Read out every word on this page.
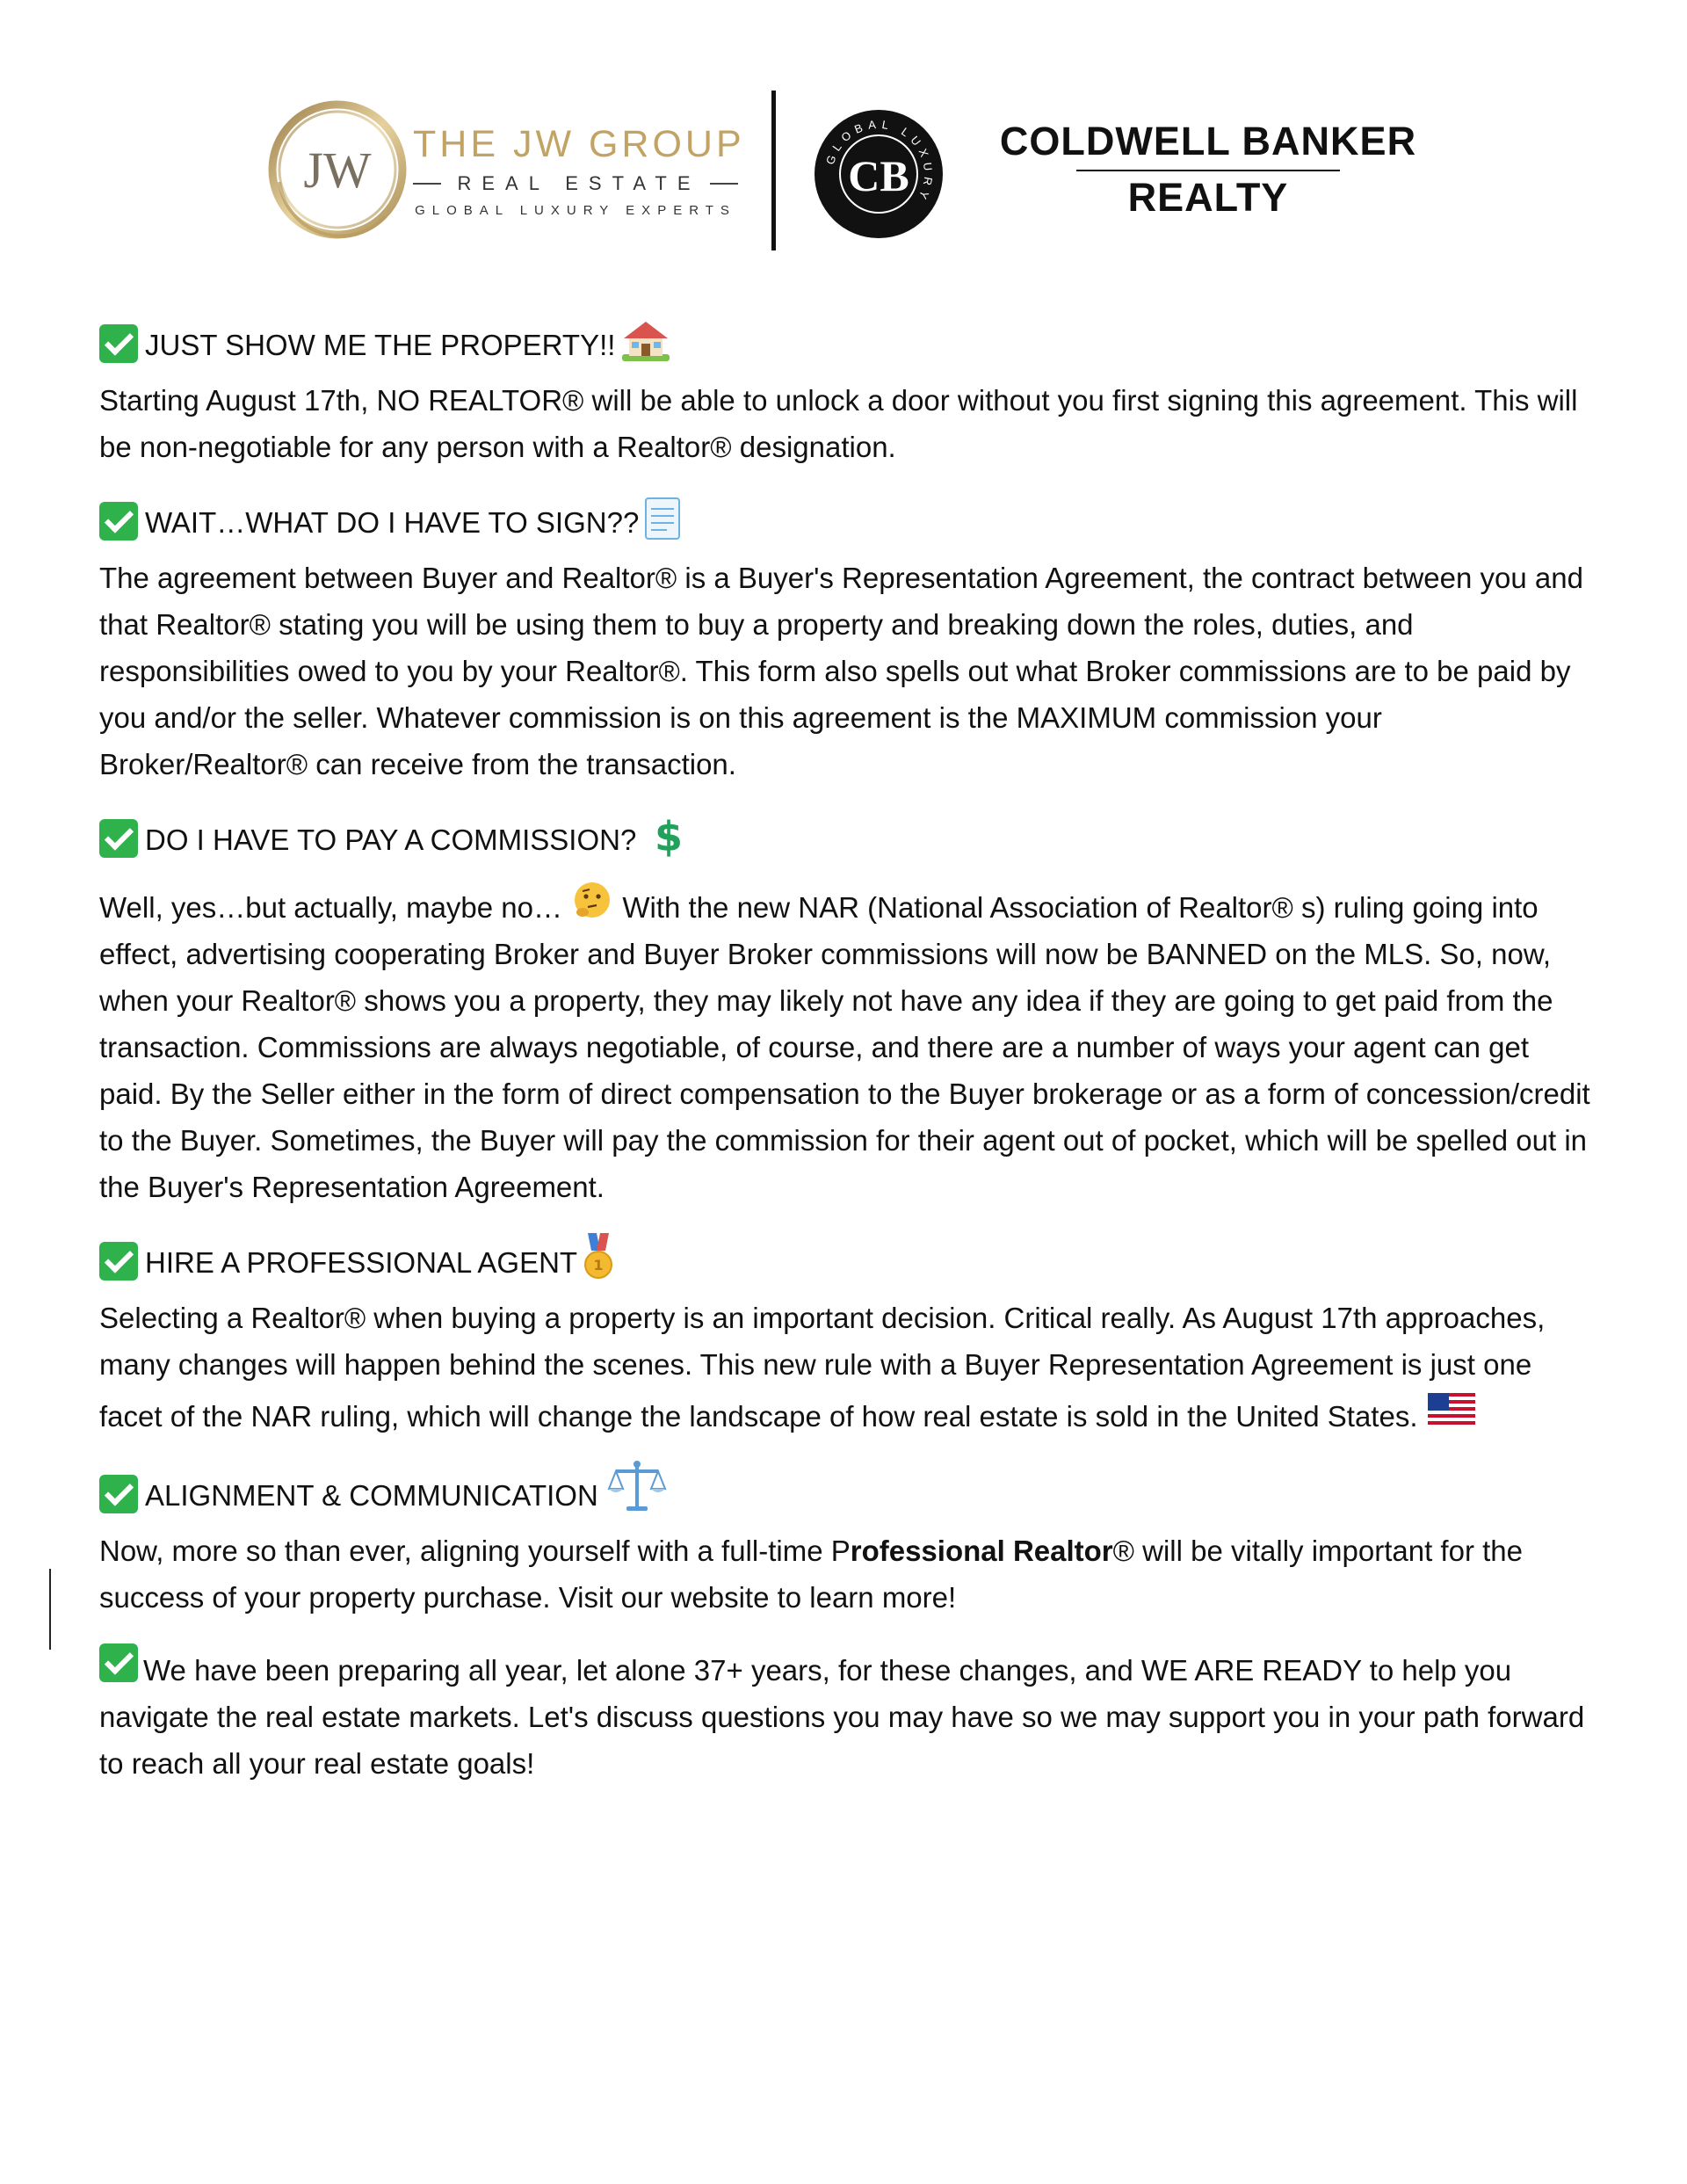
JW THE JW GROUP
REAL ESTATE
GLOBAL LUXURY EXPERTS
GLOBAL LUXURY
CB
COLDWELL BANKER
REALTY
JUST SHOW ME THE PROPERTY!!

Starting August 17th, NO REALTOR® will be able to unlock a door without you first signing this agreement. This will be non-negotiable for any person with a Realtor® designation.

WAIT…WHAT DO I HAVE TO SIGN??

The agreement between Buyer and Realtor® is a Buyer's Representation Agreement, the contract between you and that Realtor® stating you will be using them to buy a property and breaking down the roles, duties, and responsibilities owed to you by your Realtor®. This form also spells out what Broker commissions are to be paid by you and/or the seller. Whatever commission is on this agreement is the MAXIMUM commission your Broker/Realtor® can receive from the transaction.

DO I HAVE TO PAY A COMMISSION? $

Well, yes…but actually, maybe no… With the new NAR (National Association of Realtor® s) ruling going into effect, advertising cooperating Broker and Buyer Broker commissions will now be BANNED on the MLS. So, now, when your Realtor® shows you a property, they may likely not have any idea if they are going to get paid from the transaction. Commissions are always negotiable, of course, and there are a number of ways your agent can get paid. By the Seller either in the form of direct compensation to the Buyer brokerage or as a form of concession/credit to the Buyer. Sometimes, the Buyer will pay the commission for their agent out of pocket, which will be spelled out in the Buyer's Representation Agreement.

HIRE A PROFESSIONAL AGENT 1

Selecting a Realtor® when buying a property is an important decision. Critical really. As August 17th approaches, many changes will happen behind the scenes. This new rule with a Buyer Representation Agreement is just one facet of the NAR ruling, which will change the landscape of how real estate is sold in the United States.

ALIGNMENT & COMMUNICATION

Now, more so than ever, aligning yourself with a full-time Professional Realtor® will be vitally important for the success of your property purchase. Visit our website to learn more!

We have been preparing all year, let alone 37+ years, for these changes, and WE ARE READY to help you navigate the real estate markets. Let's discuss questions you may have so we may support you in your path forward to reach all your real estate goals!
